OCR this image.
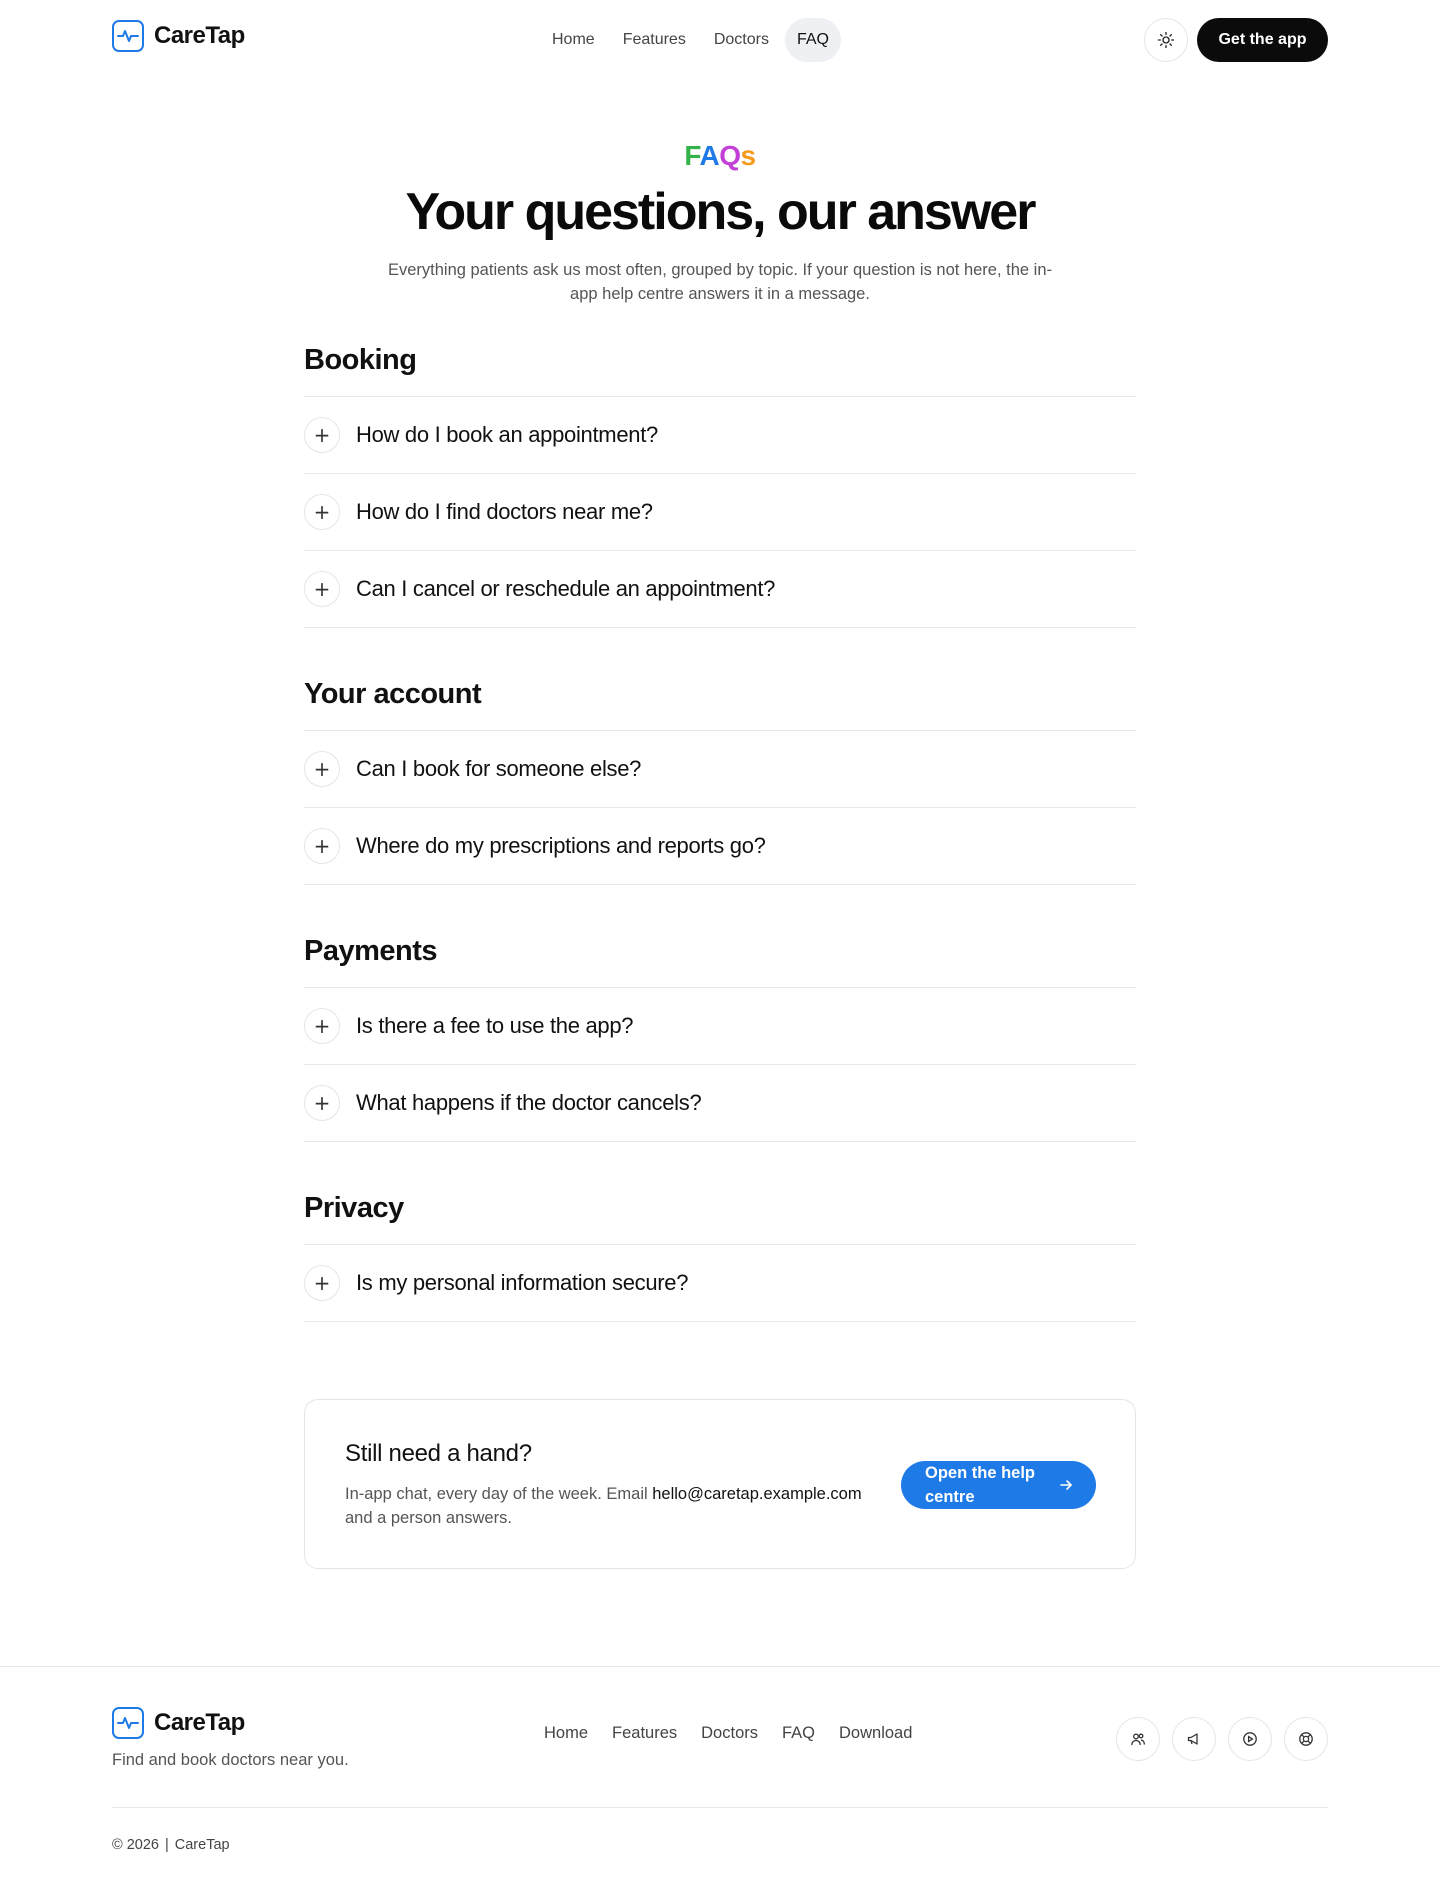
CareTap	Home	Features	Doctors	FAQ	Get the app
FAQs
Your questions, our answer

Everything patients ask us most often, grouped by topic. If your question is not here, the in-app help centre answers it in a message.

Booking
+	How do I book an appointment?
+	How do I find doctors near me?
+	Can I cancel or reschedule an appointment?
Your account
+	Can I book for someone else?
+	Where do my prescriptions and reports go?
Payments
+	Is there a fee to use the app?
+	What happens if the doctor cancels?
Privacy
+	Is my personal information secure?
Still need a hand?

In-app chat, every day of the week. Email hello@caretap.example.com
and a person answers.

Open the help centre
CareTap

Find and book doctors near you.

Home Features Doctors FAQ Download
© 2026 | CareTap
